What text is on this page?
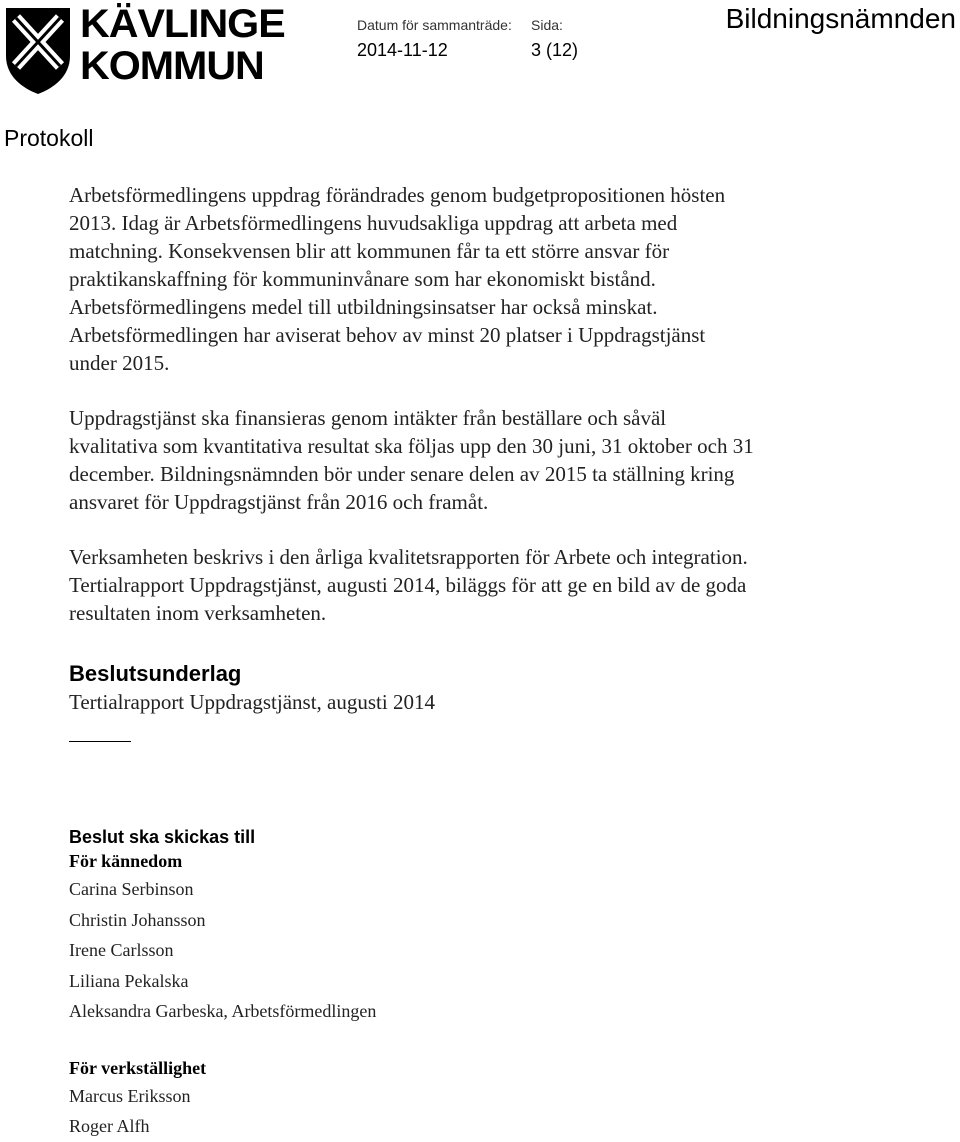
KÄVLINGE
KOMMUN
Datum för sammanträde:
2014-11-12
Sida:
3 (12)
Bildningsnämnden
Protokoll
Arbetsförmedlingens uppdrag förändrades genom budgetpropositionen hösten
2013. Idag är Arbetsförmedlingens huvudsakliga uppdrag att arbeta med
matchning. Konsekvensen blir att kommunen får ta ett större ansvar för
praktikanskaffning för kommuninvånare som har ekonomiskt bistånd.
Arbetsförmedlingens medel till utbildningsinsatser har också minskat.
Arbetsförmedlingen har aviserat behov av minst 20 platser i Uppdragstjänst
under 2015.
Uppdragstjänst ska finansieras genom intäkter från beställare och såväl
kvalitativa som kvantitativa resultat ska följas upp den 30 juni, 31 oktober och 31
december. Bildningsnämnden bör under senare delen av 2015 ta ställning kring
ansvaret för Uppdragstjänst från 2016 och framåt.
Verksamheten beskrivs i den årliga kvalitetsrapporten för Arbete och integration.
Tertialrapport Uppdragstjänst, augusti 2014, biläggs för att ge en bild av de goda
resultaten inom verksamheten.
Beslutsunderlag
Tertialrapport Uppdragstjänst, augusti 2014
Beslut ska skickas till
För kännedom
Carina Serbinson
Christin Johansson
Irene Carlsson
Liliana Pekalska
Aleksandra Garbeska, Arbetsförmedlingen
För verkställighet
Marcus Eriksson
Roger Alfh
